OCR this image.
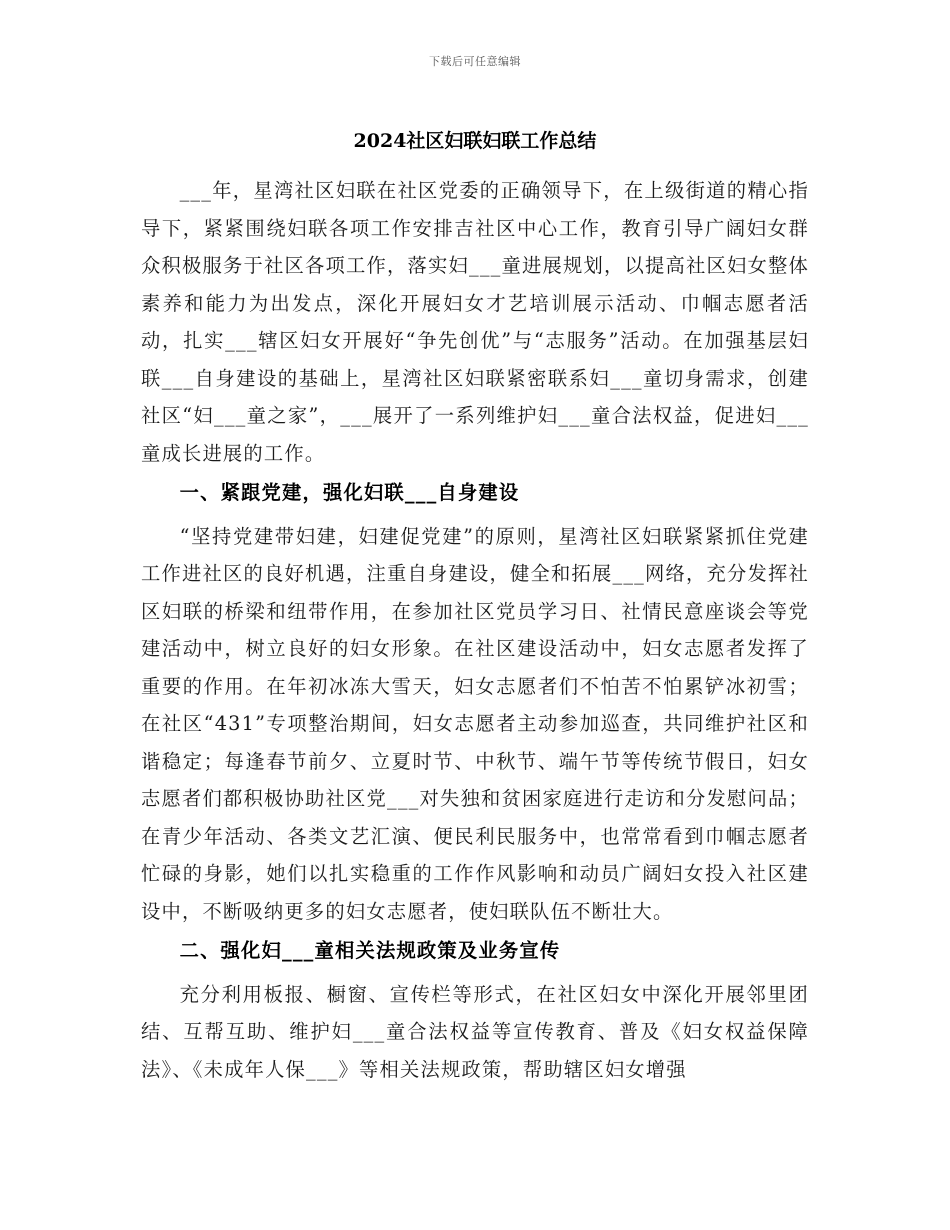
下载后可任意编辑
2024社区妇联妇联工作总结

___年，星湾社区妇联在社区党委的正确领导下，在上级街道的精心指导下，紧紧围绕妇联各项工作安排吉社区中心工作，教育引导广阔妇女群众积极服务于社区各项工作，落实妇___童进展规划，以提高社区妇女整体素养和能力为出发点，深化开展妇女才艺培训展示活动、巾帼志愿者活动，扎实___辖区妇女开展好“争先创优”与“志服务”活动。在加强基层妇联___自身建设的基础上，星湾社区妇联紧密联系妇___童切身需求，创建社区“妇___童之家”，___展开了一系列维护妇___童合法权益，促进妇___童成长进展的工作。

一、紧跟党建，强化妇联___自身建设

“坚持党建带妇建，妇建促党建”的原则，星湾社区妇联紧紧抓住党建工作进社区的良好机遇，注重自身建设，健全和拓展___网络，充分发挥社区妇联的桥梁和纽带作用，在参加社区党员学习日、社情民意座谈会等党建活动中，树立良好的妇女形象。在社区建设活动中，妇女志愿者发挥了重要的作用。在年初冰冻大雪天，妇女志愿者们不怕苦不怕累铲冰初雪；在社区“431”专项整治期间，妇女志愿者主动参加巡查，共同维护社区和谐稳定；每逢春节前夕、立夏时节、中秋节、端午节等传统节假日，妇女志愿者们都积极协助社区党___对失独和贫困家庭进行走访和分发慰问品；在青少年活动、各类文艺汇演、便民利民服务中，也常常看到巾帼志愿者忙碌的身影，她们以扎实稳重的工作作风影响和动员广阔妇女投入社区建设中，不断吸纳更多的妇女志愿者，使妇联队伍不断壮大。

二、强化妇___童相关法规政策及业务宣传

充分利用板报、橱窗、宣传栏等形式，在社区妇女中深化开展邻里团结、互帮互助、维护妇___童合法权益等宣传教育、普及《妇女权益保障法》、《未成年人保___》等相关法规政策，帮助辖区妇女增强
